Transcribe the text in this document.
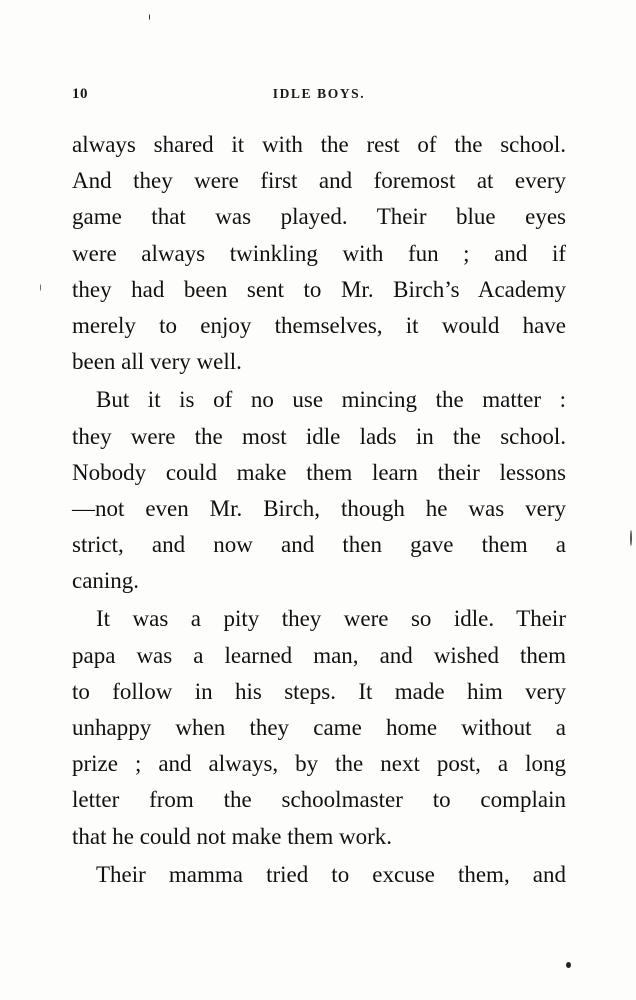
10	IDLE BOYS.
always shared it with the rest of the school.
And they were first and foremost at every
game that was played. Their blue eyes
were always twinkling with fun ; and if
they had been sent to Mr. Birch’s Academy
merely to enjoy themselves, it would have
been all very well.
But it is of no use mincing the matter :
they were the most idle lads in the school.
Nobody could make them learn their lessons
—not even Mr. Birch, though he was very
strict, and now and then gave them a
caning.
It was a pity they were so idle. Their
papa was a learned man, and wished them
to follow in his steps. It made him very
unhappy when they came home without a
prize ; and always, by the next post, a long
letter from the schoolmaster to complain
that he could not make them work.
Their mamma tried to excuse them, and
